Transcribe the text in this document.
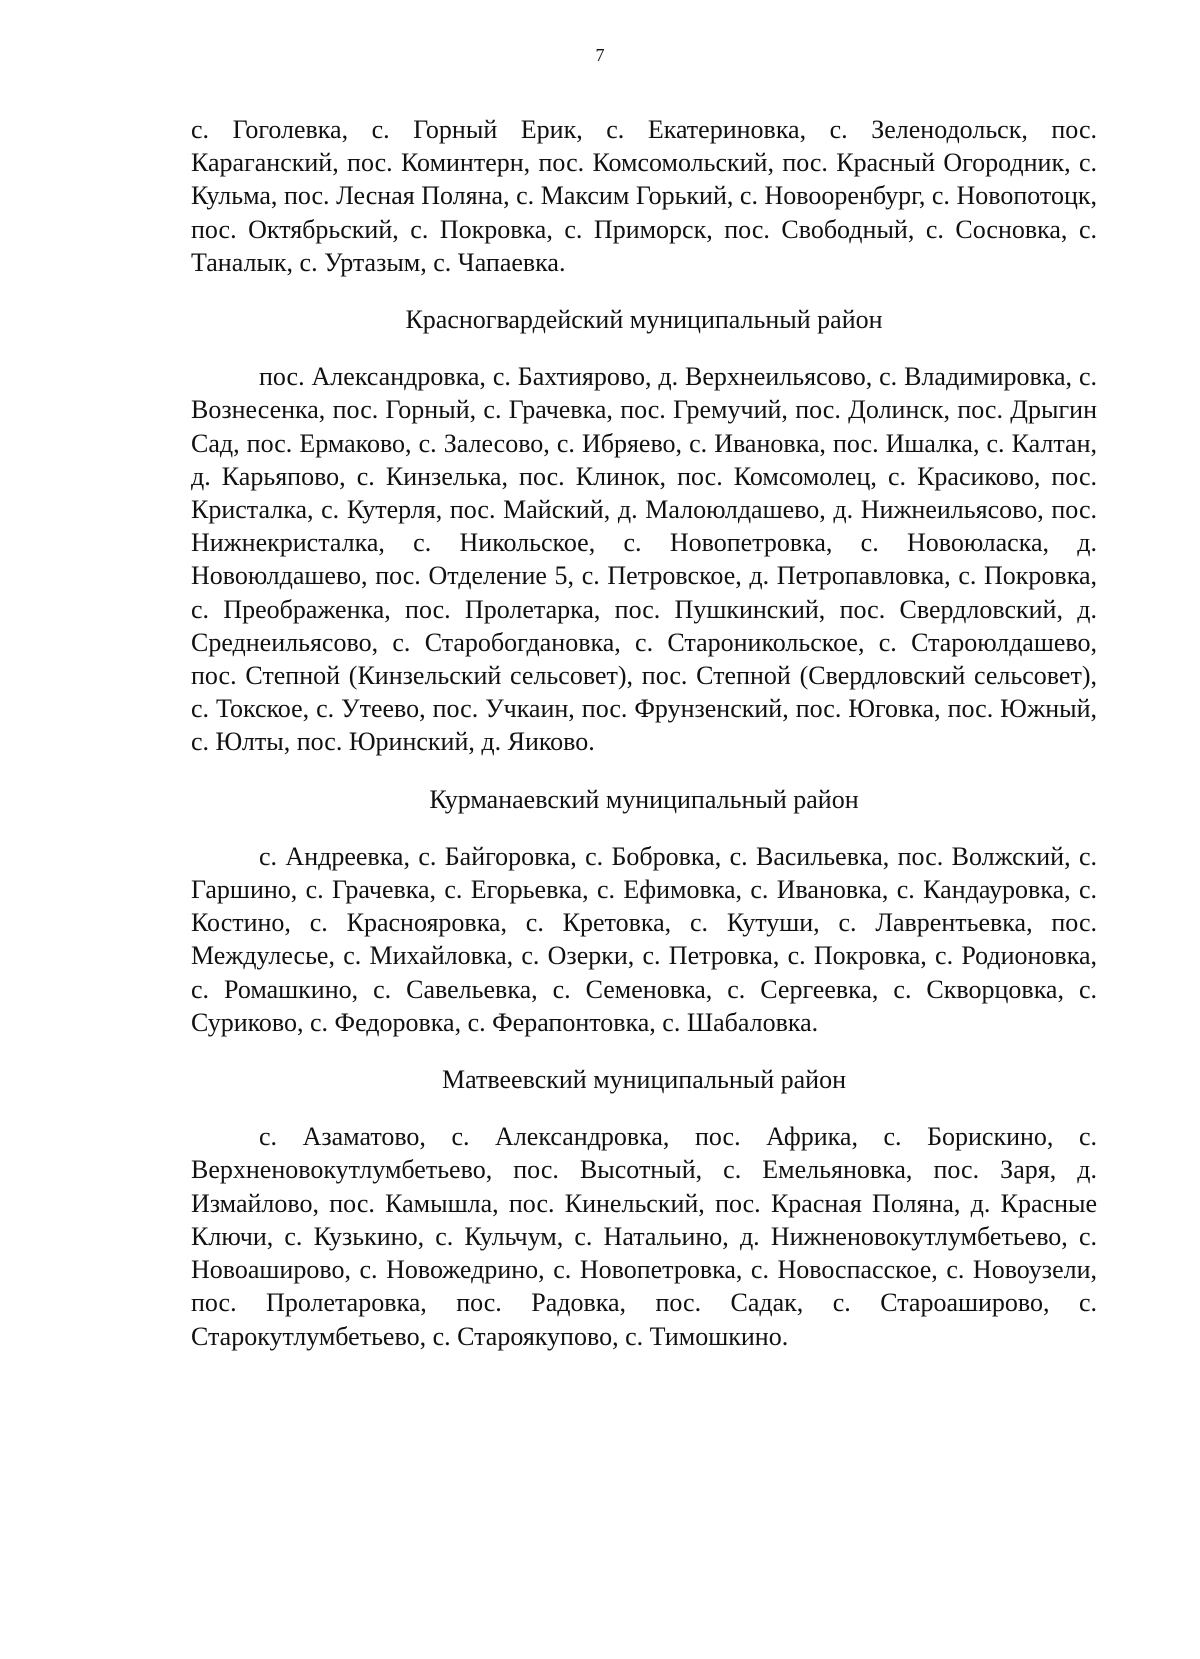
7

с. Гоголевка, с. Горный Ерик, с. Екатериновка, с. Зеленодольск, пос. Караганский, пос. Коминтерн, пос. Комсомольский, пос. Красный Огородник, с. Кульма, пос. Лесная Поляна, с. Максим Горький, с. Новооренбург, с. Новопотоцк, пос. Октябрьский, с. Покровка, с. Приморск, пос. Свободный, с. Сосновка, с. Таналык, с. Уртазым, с. Чапаевка.

Красногвардейский муниципальный район

пос. Александровка, с. Бахтиярово, д. Верхнеильясово, с. Владимировка, с. Вознесенка, пос. Горный, с. Грачевка, пос. Гремучий, пос. Долинск, пос. Дрыгин Сад, пос. Ермаково, с. Залесово, с. Ибряево, с. Ивановка, пос. Ишалка, с. Калтан, д. Карьяпово, с. Кинзелька, пос. Клинок, пос. Комсомолец, с. Красиково, пос. Кристалка, с. Кутерля, пос. Майский, д. Малоюлдашево, д. Нижнеильясово, пос. Нижнекристалка, с. Никольское, с. Новопетровка, с. Новоюласка, д. Новоюлдашево, пос. Отделение 5, с. Петровское, д. Петропавловка, с. Покровка, с. Преображенка, пос. Пролетарка, пос. Пушкинский, пос. Свердловский, д. Среднеильясово, с. Старобогдановка, с. Староникольское, с. Староюлдашево, пос. Степной (Кинзельский сельсовет), пос. Степной (Свердловский сельсовет), с. Токское, с. Утеево, пос. Учкаин, пос. Фрунзенский, пос. Юговка, пос. Южный, с. Юлты, пос. Юринский, д. Яиково.

Курманаевский муниципальный район

с. Андреевка, с. Байгоровка, с. Бобровка, с. Васильевка, пос. Волжский, с. Гаршино, с. Грачевка, с. Егорьевка, с. Ефимовка, с. Ивановка, с. Кандауровка, с. Костино, с. Краснояровка, с. Кретовка, с. Кутуши, с. Лаврентьевка, пос. Междулесье, с. Михайловка, с. Озерки, с. Петровка, с. Покровка, с. Родионовка, с. Ромашкино, с. Савельевка, с. Семеновка, с. Сергеевка, с. Скворцовка, с. Суриково, с. Федоровка, с. Ферапонтовка, с. Шабаловка.

Матвеевский муниципальный район

с. Азаматово, с. Александровка, пос. Африка, с. Борискино, с. Верхненовокутлумбетьево, пос. Высотный, с. Емельяновка, пос. Заря, д. Измайлово, пос. Камышла, пос. Кинельский, пос. Красная Поляна, д. Красные Ключи, с. Кузькино, с. Кульчум, с. Натальино, д. Нижненовокутлумбетьево, с. Новоаширово, с. Новожедрино, с. Новопетровка, с. Новоспасское, с. Новоузели, пос. Пролетаровка, пос. Радовка, пос. Садак, с. Староаширово, с. Старокутлумбетьево, с. Староякупово, с. Тимошкино.
